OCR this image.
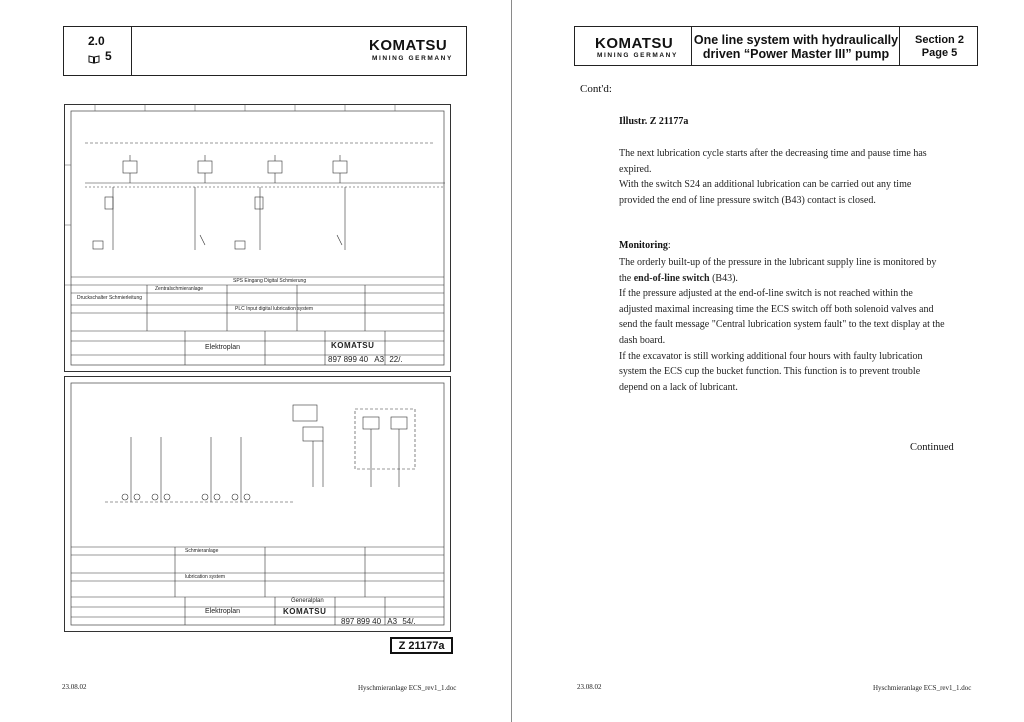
2.0
5
KOMATSU
MINING GERMANY
SPS Eingang Digital Schmierung
Zentralschmieranlage
Druckschalter Schmierleitung
PLC Input digital lubrication system
Elektroplan	KOMATSU
897 899 40 A3 22/.
Schmieranlage
lubrication system
Generalplan
Elektroplan	KOMATSU
897 899 40 A3 54/.
Z 21177a
23.08.02	Hyschmieranlage ECS_rev1_1.doc
KOMATSU
MINING GERMANY
One line system with hydraulically
driven “Power Master III” pump
Section 2
Page 5
Cont'd:
Illustr. Z 21177a
The next lubrication cycle starts after the decreasing time and pause time has
expired.
With the switch S24 an additional lubrication can be carried out any time
provided the end of line pressure switch (B43) contact is closed.
Monitoring:
The orderly built-up of the pressure in the lubricant supply line is monitored by
the end-of-line switch (B43).
If the pressure adjusted at the end-of-line switch is not reached within the
adjusted maximal increasing time the ECS switch off both solenoid valves and
send the fault message "Central lubrication system fault" to the text display at the
dash board.
If the excavator is still working additional four hours with faulty lubrication
system the ECS cup the bucket function. This function is to prevent trouble
depend on a lack of lubricant.
Continued
23.08.02	Hyschmieranlage ECS_rev1_1.doc
